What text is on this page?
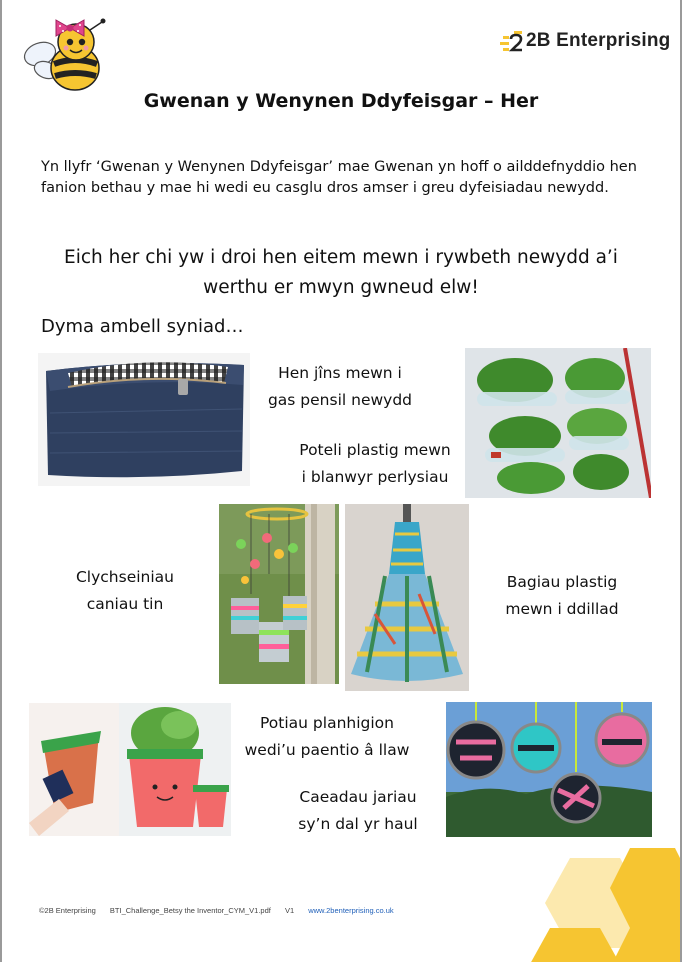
2B Enterprising
Gwenan y Wenynen Ddyfeisgar – Her
Yn llyfr ‘Gwenan y Wenynen Ddyfeisgar’ mae Gwenan yn hoff o ailddefnyddio hen fanion bethau y mae hi wedi eu casglu dros amser i greu dyfeisiadau newydd.
Eich her chi yw i droi hen eitem mewn i rywbeth newydd a’i
werthu er mwyn gwneud elw!
Dyma ambell syniad…
Hen jîns mewn i
gas pensil newydd
Poteli plastig mewn
i blanwyr perlysiau
Clychseiniau
caniau tin
Bagiau plastig
mewn i ddillad
Potiau planhigion
wedi’u paentio â llaw
Caeadau jariau
sy’n dal yr haul
©2B Enterprising BTI_Challenge_Betsy the Inventor_CYM_V1.pdf V1 www.2benterprising.co.uk
